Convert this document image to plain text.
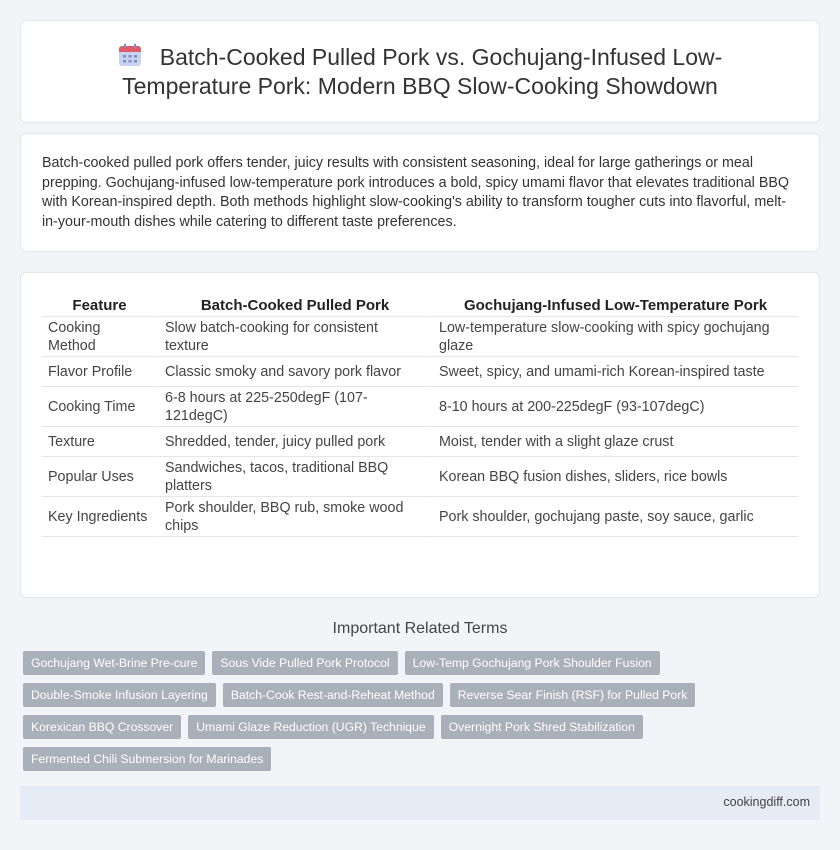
Batch-Cooked Pulled Pork vs. Gochujang-Infused Low-Temperature Pork: Modern BBQ Slow-Cooking Showdown

Batch-cooked pulled pork offers tender, juicy results with consistent seasoning, ideal for large gatherings or meal prepping. Gochujang-infused low-temperature pork introduces a bold, spicy umami flavor that elevates traditional BBQ with Korean-inspired depth. Both methods highlight slow-cooking's ability to transform tougher cuts into flavorful, melt-in-your-mouth dishes while catering to different taste preferences.

Feature	Batch-Cooked Pulled Pork	Gochujang-Infused Low-Temperature Pork
Cooking Method	Slow batch-cooking for consistent texture	Low-temperature slow-cooking with spicy gochujang glaze
Flavor Profile	Classic smoky and savory pork flavor	Sweet, spicy, and umami-rich Korean-inspired taste
Cooking Time	6-8 hours at 225-250degF (107-121degC)	8-10 hours at 200-225degF (93-107degC)
Texture	Shredded, tender, juicy pulled pork	Moist, tender with a slight glaze crust
Popular Uses	Sandwiches, tacos, traditional BBQ platters	Korean BBQ fusion dishes, sliders, rice bowls
Key Ingredients	Pork shoulder, BBQ rub, smoke wood chips	Pork shoulder, gochujang paste, soy sauce, garlic
Important Related Terms
Gochujang Wet-Brine Pre-cure	Sous Vide Pulled Pork Protocol	Low-Temp Gochujang Pork Shoulder Fusion
Double-Smoke Infusion Layering	Batch-Cook Rest-and-Reheat Method	Reverse Sear Finish (RSF) for Pulled Pork
Korexican BBQ Crossover	Umami Glaze Reduction (UGR) Technique	Overnight Pork Shred Stabilization
Fermented Chili Submersion for Marinades
cookingdiff.com
